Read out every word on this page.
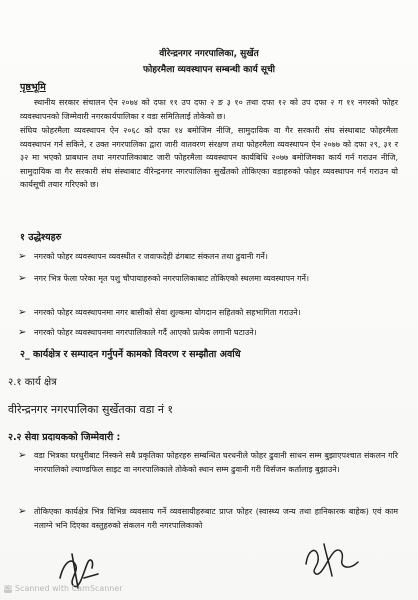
वीरेन्द्रनगर नगरपालिका, सुर्खेत
फोहरमैला व्यवस्थापन सम्बन्धी कार्य सूची
पृष्ठभूमि

स्थानीय सरकार संचालन ऐन २०७४ को दफा ११ उप दफा २ ङ ३ १० तथा दफा १२ को उप दफा २ ग ११ नगरको फोहर व्यवस्थापनको जिम्मेवारी नगरकार्यपालिका र वडा समितिलाई तोकेको छ।

संघिय फोहरमैला व्यवस्थापन ऐन २०६८ को दफा १४ बमोजिम नीजि, सामुदायिक वा गैर सरकारी संघ संस्थाबाट फोहरमैला व्यवस्थापन गर्न सकिने, र उक्त नगरपालिका द्वारा जारी वातवरण संरक्षण तथा फोहरमैला व्यवस्थापन ऐन २०७७ को दफा २९, ३१ र ३२ मा भएको प्राबधान तथा नगरपालिकाबाट जारी फोहरमैला व्यवस्थापन कार्यबिधि २०७७ बमोजिमका कार्य गर्न गराउन नीजि, सामुदायिक वा गैर सरकारी संघ संस्थाबाट वीरेन्द्रनगर नगरपालिका सुर्खेतको तोकिएका वडाहरुको फोहर व्यवस्थापन गर्न गराउन यो कार्यसूची तयार गरिएको छ।

१ उद्धेश्यहरु
➢ नगरको फोहर व्यवस्थापन व्यवस्थीत र जवाफदेही ढंगबाट संकलन तथा ढुवानी गर्ने।
➢ नगर भित्र फेला परेका मृत पशु चौपायाहरुको नगरपालिकाबाट तोकिएको स्थलमा व्यवस्थापन गर्ने।
➢ नगरको फोहर व्यवस्थापनमा नगर बासीको सेवा शुल्कमा योगदान सहितको सहभागिता गराउने।
➢ नगरको फोहर व्यवस्थापनमा नगरपालिकाले गर्दै आएको प्रत्येक लगानी घटाउने।
२_ कार्यक्षेत्र र सम्पादन गर्नुपर्ने कामको विवरण र सम्झौता अवधि
२.१ कार्य क्षेत्र
वीरेन्द्रनगर नगरपालिका सुर्खेतका वडा नं १
२.२ सेवा प्रदायकको जिम्मेवारी :
➢ वडा भित्रका घरधुरीबाट निस्कने सबै प्रकृतिका फोहरहरु सम्बन्धित घरधनीले फोहर ढुवानी साधन सम्म बुझाएपश्चात संकलन गरि नगरपालिको ल्याण्डफिल साइट वा नगरपालिकाले तोकेको स्थान सम्म ढुवानी गरी विर्सजन कर्तालाइ बुझाउने।
➢ तोकिएका कार्यक्षेत्र भित्र विभिन्न व्यवसाय गर्ने व्यवसायीहरुबाट प्राप्त फोहर (स्वास्थ्य जन्य तथा हानिकारक बाहेक) एवं काम नलाग्ने भनि दिएका वस्तुहरुको संकलन गरी नगरपालिकाको
CS Scanned with CamScanner
